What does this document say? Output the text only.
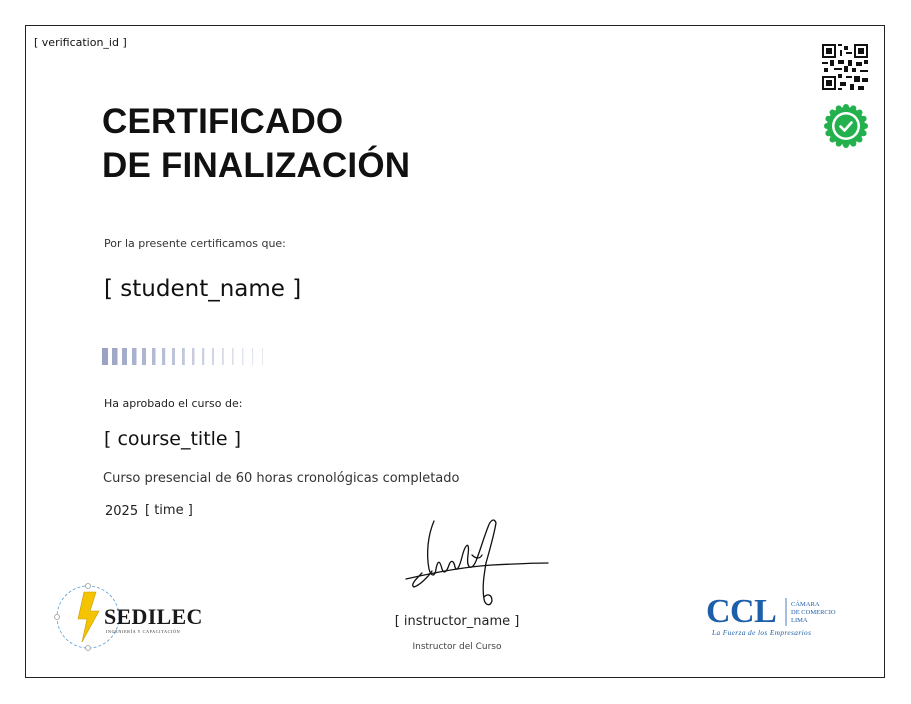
[ verification_id ]
CERTIFICADO
DE FINALIZACIÓN
Por la presente certificamos que:
[ student_name ]
Ha aprobado el curso de:
[ course_title ]
Curso presencial de 60 horas cronológicas completado
2025 [ time ]
[ instructor_name ]
Instructor del Curso
SEDILEC
INGENIERÍA Y CAPACITACIÓN
CCL CÁMARA
DE COMERCIO
LIMA
La Fuerza de los Empresarios
